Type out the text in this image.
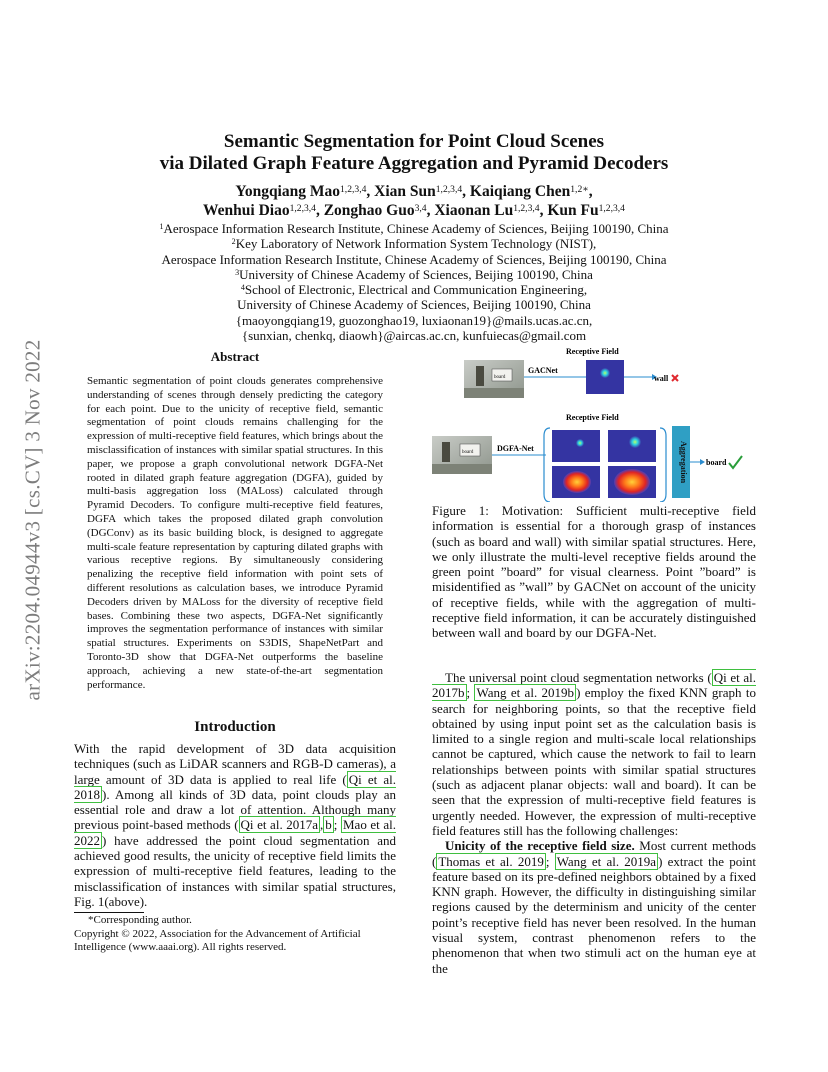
arXiv:2204.04944v3 [cs.CV] 3 Nov 2022
Semantic Segmentation for Point Cloud Scenes
via Dilated Graph Feature Aggregation and Pyramid Decoders
Yongqiang Mao$^{1,2,3,4}$, Xian Sun$^{1,2,3,4}$, Kaiqiang Chen$^{1,2∗}$,
Wenhui Diao$^{1,2,3,4}$, Zonghao Guo$^{3,4}$, Xiaonan Lu$^{1,2,3,4}$, Kun Fu$^{1,2,3,4}$
$^1$Aerospace Information Research Institute, Chinese Academy of Sciences, Beijing 100190, China
$^2$Key Laboratory of Network Information System Technology (NIST),
Aerospace Information Research Institute, Chinese Academy of Sciences, Beijing 100190, China
$^3$University of Chinese Academy of Sciences, Beijing 100190, China
$^4$School of Electronic, Electrical and Communication Engineering,
University of Chinese Academy of Sciences, Beijing 100190, China
{maoyongqiang19, guozonghao19, luxiaonan19}@mails.ucas.ac.cn,
{sunxian, chenkq, diaowh}@aircas.ac.cn, kunfuiecas@gmail.com
Abstract
Semantic segmentation of point clouds generates comprehensive understanding of scenes through densely predicting the category for each point. Due to the unicity of receptive field, semantic segmentation of point clouds remains challenging for the expression of multi-receptive field features, which brings about the misclassification of instances with similar spatial structures. In this paper, we propose a graph convolutional network DGFA-Net rooted in dilated graph feature aggregation (DGFA), guided by multi-basis aggregation loss (MALoss) calculated through Pyramid Decoders. To configure multi-receptive field features, DGFA which takes the proposed dilated graph convolution (DGConv) as its basic building block, is designed to aggregate multi-scale feature representation by capturing dilated graphs with various receptive regions. By simultaneously considering penalizing the receptive field information with point sets of different resolutions as calculation bases, we introduce Pyramid Decoders driven by MALoss for the diversity of receptive field bases. Combining these two aspects, DGFA-Net significantly improves the segmentation performance of instances with similar spatial structures. Experiments on S3DIS, ShapeNetPart and Toronto-3D show that DGFA-Net outperforms the baseline approach, achieving a new state-of-the-art segmentation performance.
Introduction
With the rapid development of 3D data acquisition techniques (such as LiDAR scanners and RGB-D cameras), a large amount of 3D data is applied to real life ( Qi et al. 2018 ). Among all kinds of 3D data, point clouds play an essential role and draw a lot of attention. Although many previous point-based methods ( Qi et al. 2017a , b ; Mao et al. 2022 ) have addressed the point cloud segmentation and achieved good results, the unicity of receptive field limits the expression of multi-receptive field features, leading to the misclassification of instances with similar spatial structures, Fig. 1(above).
*Corresponding author.
Copyright © 2022, Association for the Advancement of Artificial Intelligence (www.aaai.org). All rights reserved.
Receptive Field
board
GACNet
wall
Receptive Field
board	DGFA-Net	Aggregation board
Figure 1: Motivation: Sufficient multi-receptive field information is essential for a thorough grasp of instances (such as board and wall) with similar spatial structures. Here, we only illustrate the multi-level receptive fields around the green point ”board” for visual clearness. Point ”board” is misidentified as ”wall” by GACNet on account of the unicity of receptive fields, while with the aggregation of multi-receptive field information, it can be accurately distinguished between wall and board by our DGFA-Net.

The universal point cloud segmentation networks ( Qi et al. 2017b ; Wang et al. 2019b ) employ the fixed KNN graph to search for neighboring points, so that the receptive field obtained by using input point set as the calculation basis is limited to a single region and multi-scale local relationships cannot be captured, which cause the network to fail to learn relationships between points with similar spatial structures (such as adjacent planar objects: wall and board). It can be seen that the expression of multi-receptive field features is urgently needed. However, the expression of multi-receptive field features still has the following challenges:

Unicity of the receptive field size. Most current methods ( Thomas et al. 2019 ; Wang et al. 2019a ) extract the point feature based on its pre-defined neighbors obtained by a fixed KNN graph. However, the difficulty in distinguishing similar regions caused by the determinism and unicity of the center point’s receptive field has never been resolved. In the human visual system, contrast phenomenon refers to the phenomenon that when two stimuli act on the human eye at the
